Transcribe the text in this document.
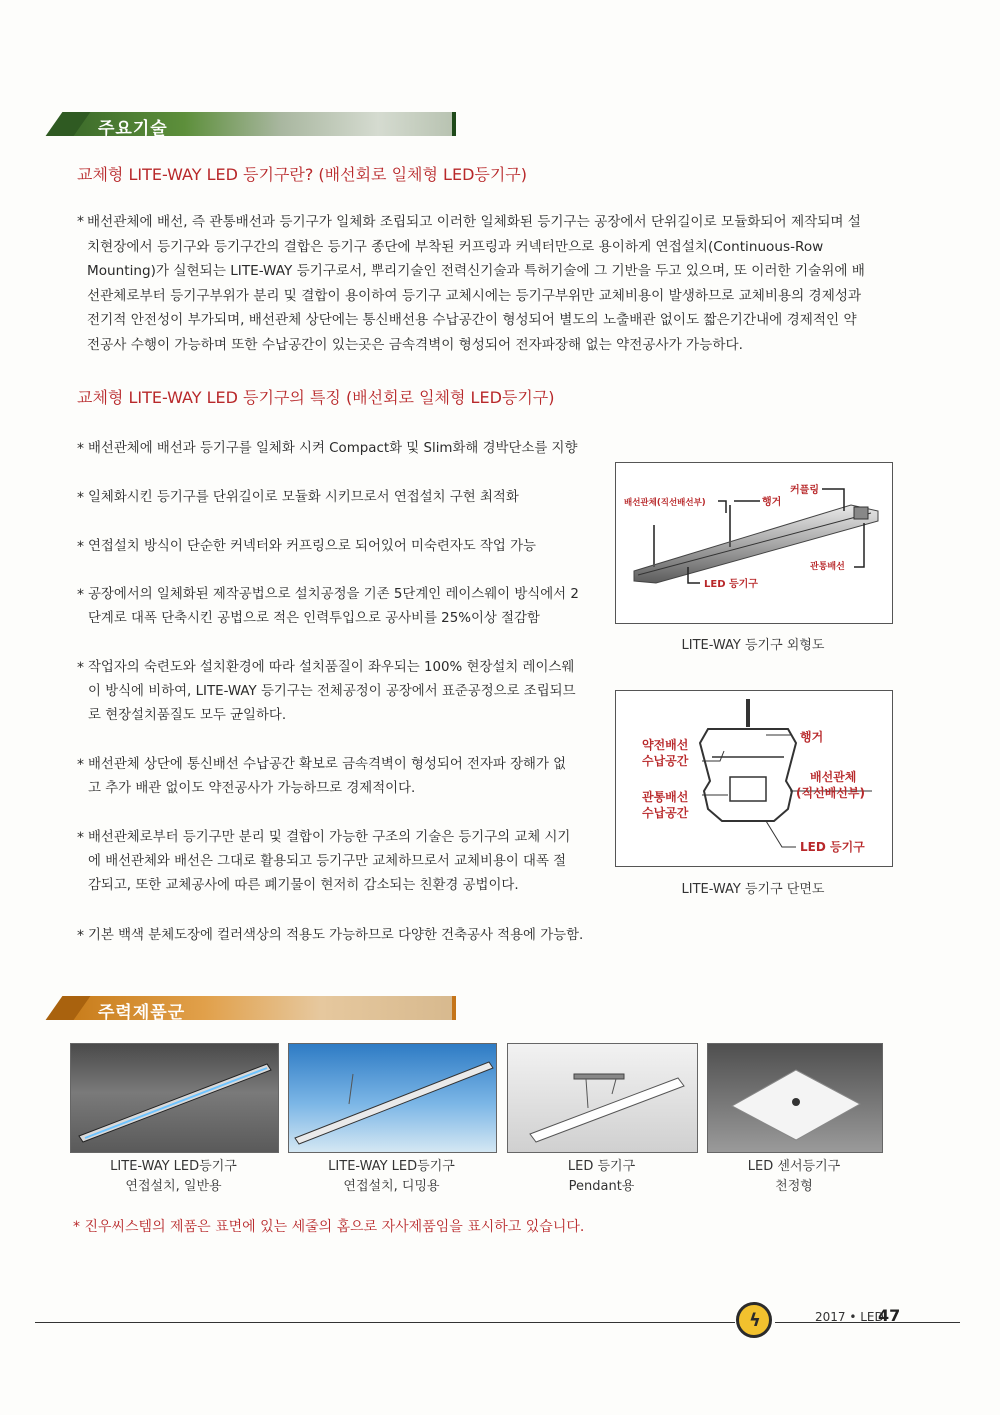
주요기술
교체형 LITE-WAY LED 등기구란? (배선회로 일체형 LED등기구)
* 배선관체에 배선, 즉 관통배선과 등기구가 일체화 조립되고 이러한 일체화된 등기구는 공장에서 단위길이로 모듈화되어 제작되며 설
치현장에서 등기구와 등기구간의 결합은 등기구 종단에 부착된 커프링과 커넥터만으로 용이하게 연접설치(Continuous-Row
Mounting)가 실현되는 LITE-WAY 등기구로서, 뿌리기술인 전력신기술과 특허기술에 그 기반을 두고 있으며, 또 이러한 기술위에 배
선관체로부터 등기구부위가 분리 및 결합이 용이하여 등기구 교체시에는 등기구부위만 교체비용이 발생하므로 교체비용의 경제성과
전기적 안전성이 부가되며, 배선관체 상단에는 통신배선용 수납공간이 형성되어 별도의 노출배관 없이도 짧은기간내에 경제적인 약
전공사 수행이 가능하며 또한 수납공간이 있는곳은 금속격벽이 형성되어 전자파장해 없는 약전공사가 가능하다.
교체형 LITE-WAY LED 등기구의 특징 (배선회로 일체형 LED등기구)
* 배선관체에 배선과 등기구를 일체화 시켜 Compact화 및 Slim화해 경박단소를 지향
* 일체화시킨 등기구를 단위길이로 모듈화 시키므로서 연접설치 구현 최적화
* 연접설치 방식이 단순한 커넥터와 커프링으로 되어있어 미숙련자도 작업 가능
* 공장에서의 일체화된 제작공법으로 설치공정을 기존 5단계인 레이스웨이 방식에서 2
단계로 대폭 단축시킨 공법으로 적은 인력투입으로 공사비를 25%이상 절감함
* 작업자의 숙련도와 설치환경에 따라 설치품질이 좌우되는 100% 현장설치 레이스웨
이 방식에 비하여, LITE-WAY 등기구는 전체공정이 공장에서 표준공정으로 조립되므
로 현장설치품질도 모두 균일하다.
* 배선관체 상단에 통신배선 수납공간 확보로 금속격벽이 형성되어 전자파 장해가 없
고 추가 배관 없이도 약전공사가 가능하므로 경제적이다.
* 배선관체로부터 등기구만 분리 및 결합이 가능한 구조의 기술은 등기구의 교체 시기
에 배선관체와 배선은 그대로 활용되고 등기구만 교체하므로서 교체비용이 대폭 절
감되고, 또한 교체공사에 따른 폐기물이 현저히 감소되는 친환경 공법이다.
* 기본 백색 분체도장에 컬러색상의 적용도 가능하므로 다양한 건축공사 적용에 가능함.
배선관체(직선배선부)	행거
커플링
관통배선
LED 등기구
LITE-WAY 등기구 외형도
약전배선
수납공간
관통배선
수납공간
행거
배선관체
(직선배선부)
LED 등기구
LITE-WAY 등기구 단면도
주력제품군
LITE-WAY LED등기구
연접설치, 일반용
LITE-WAY LED등기구
연접설치, 디밍용
LED 등기구
Pendant용
LED 센서등기구
천정형
* 진우씨스템의 제품은 표면에 있는 세줄의 홈으로 자사제품임을 표시하고 있습니다.
ϟ	2017 • LED
47
